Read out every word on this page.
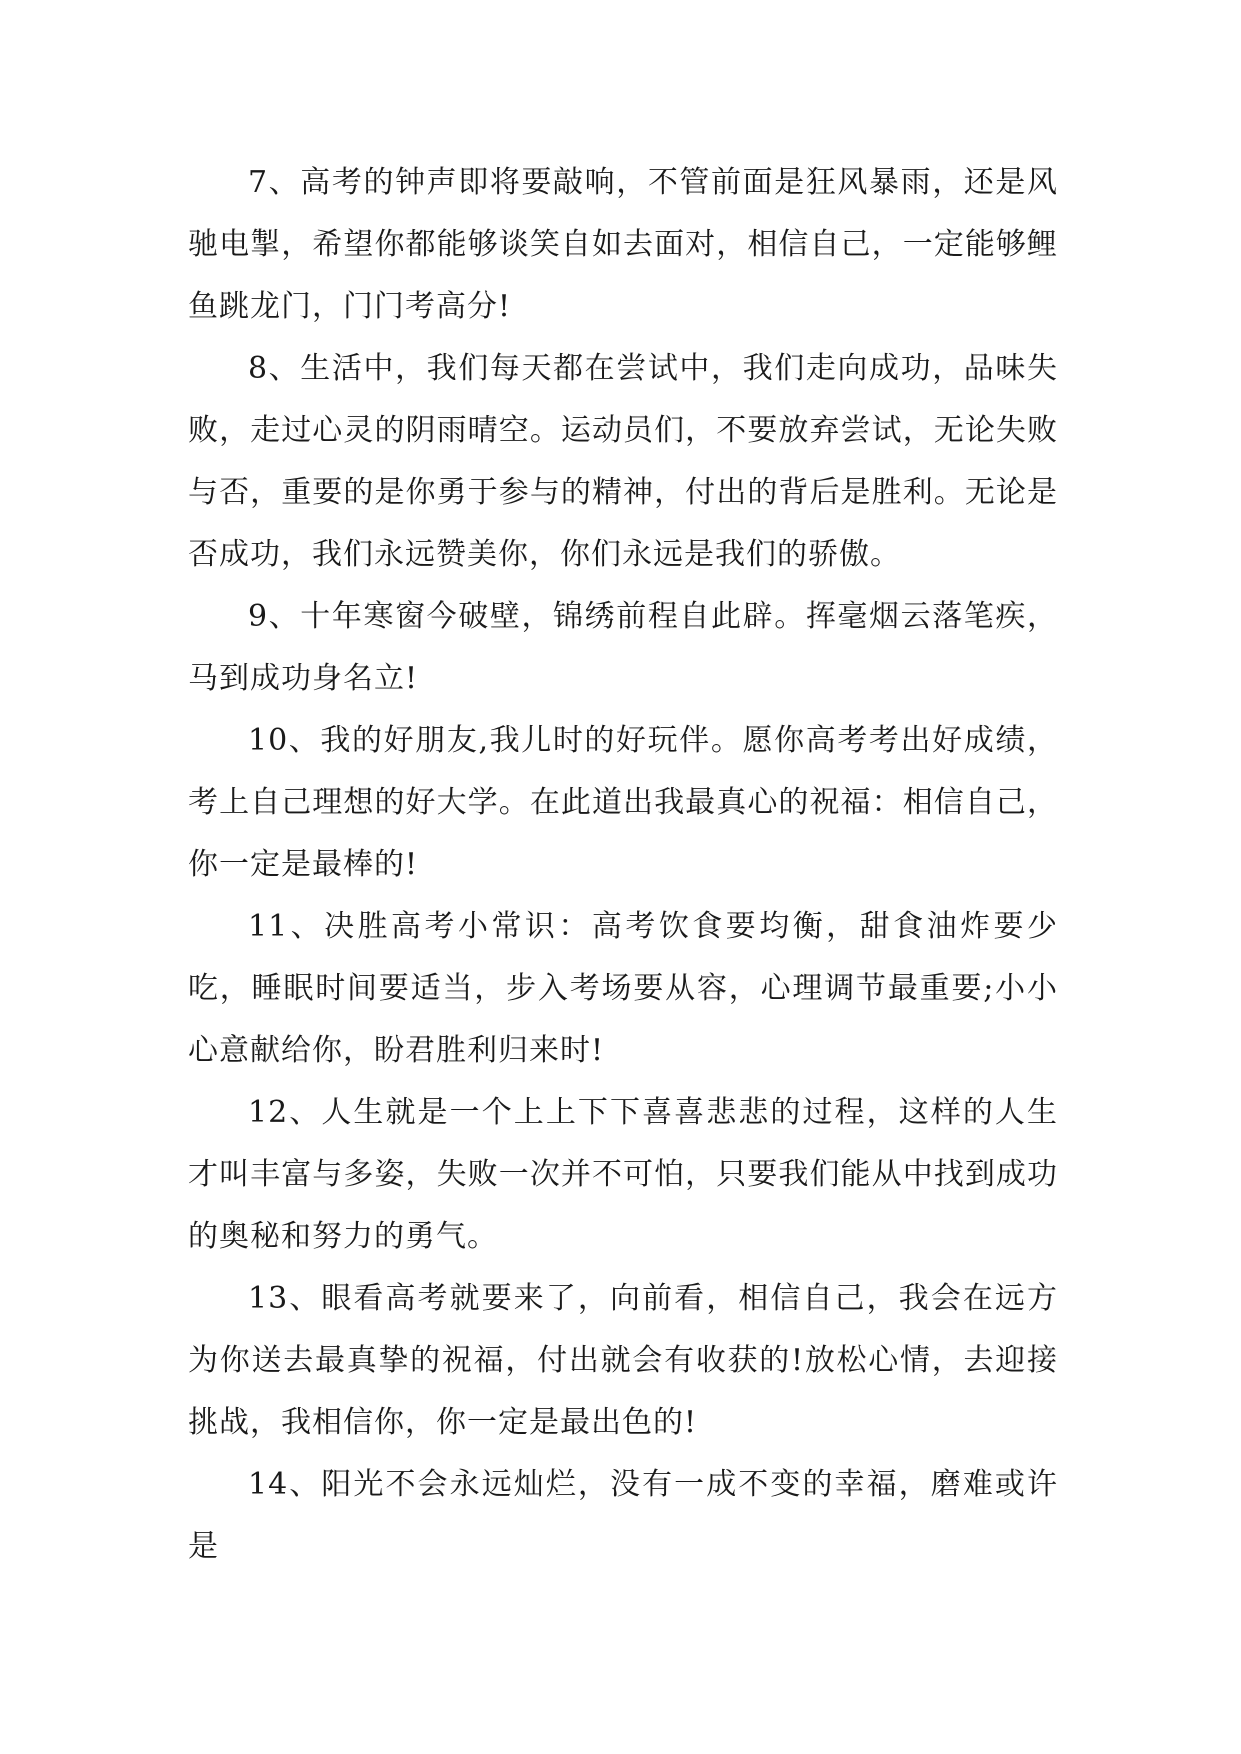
7、高考的钟声即将要敲响，不管前面是狂风暴雨，还是风驰电掣，希望你都能够谈笑自如去面对，相信自己，一定能够鲤鱼跳龙门，门门考高分!

8、生活中，我们每天都在尝试中，我们走向成功，品味失败，走过心灵的阴雨晴空。运动员们，不要放弃尝试，无论失败与否，重要的是你勇于参与的精神，付出的背后是胜利。无论是否成功，我们永远赞美你，你们永远是我们的骄傲。

9、十年寒窗今破壁，锦绣前程自此辟。挥毫烟云落笔疾，马到成功身名立!

10、我的好朋友,我儿时的好玩伴。愿你高考考出好成绩，考上自己理想的好大学。在此道出我最真心的祝福：相信自己，你一定是最棒的!

11、决胜高考小常识：高考饮食要均衡，甜食油炸要少吃，睡眠时间要适当，步入考场要从容，心理调节最重要;小小心意献给你，盼君胜利归来时!

12、人生就是一个上上下下喜喜悲悲的过程，这样的人生才叫丰富与多姿，失败一次并不可怕，只要我们能从中找到成功的奥秘和努力的勇气。

13、眼看高考就要来了，向前看，相信自己，我会在远方为你送去最真挚的祝福，付出就会有收获的!放松心情，去迎接挑战，我相信你，你一定是最出色的!

14、阳光不会永远灿烂，没有一成不变的幸福，磨难或许是
